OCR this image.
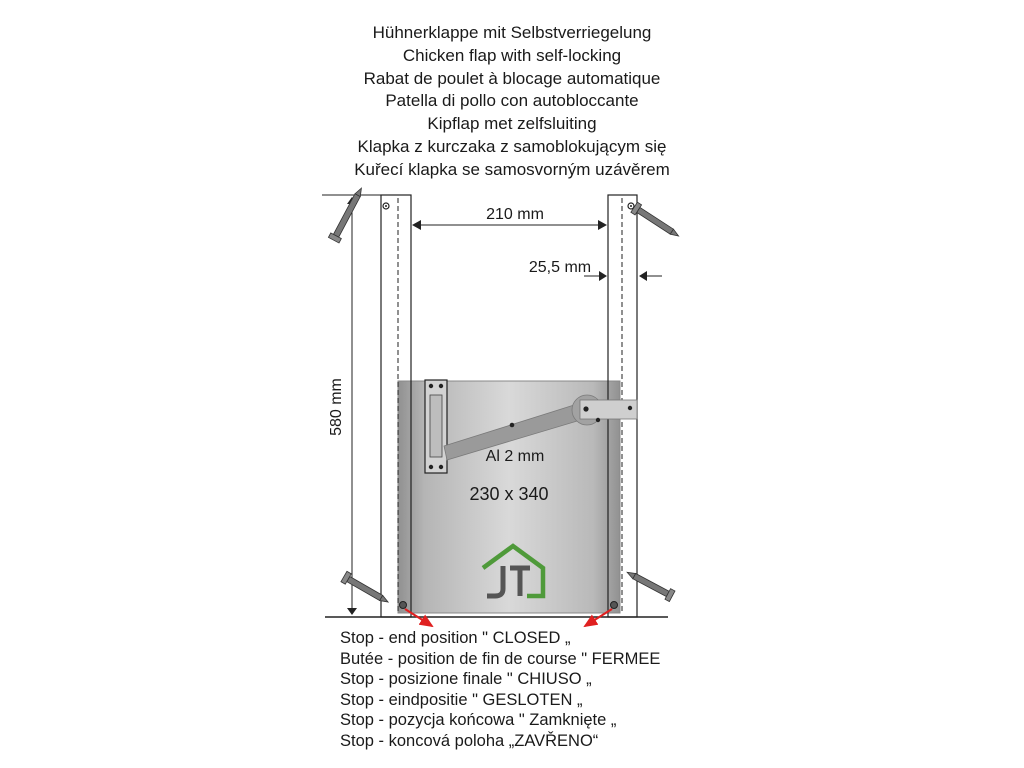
Hühnerklappe mit Selbstverriegelung
Chicken flap with self-locking
Rabat de poulet à blocage automatique
Patella di pollo con autobloccante
Kipflap met zelfsluiting
Klapka z kurczaka z samoblokującym się
Kuřecí klapka se samosvorným uzávěrem
580 mm
210 mm
25,5 mm
Al 2 mm
230 x 340
Stop - end position " CLOSED „
Butée - position de fin de course " FERMEE
Stop - posizione finale " CHIUSO „
Stop - eindpositie " GESLOTEN „
Stop - pozycja końcowa " Zamknięte „
Stop - koncová poloha „ZAVŘENO“
